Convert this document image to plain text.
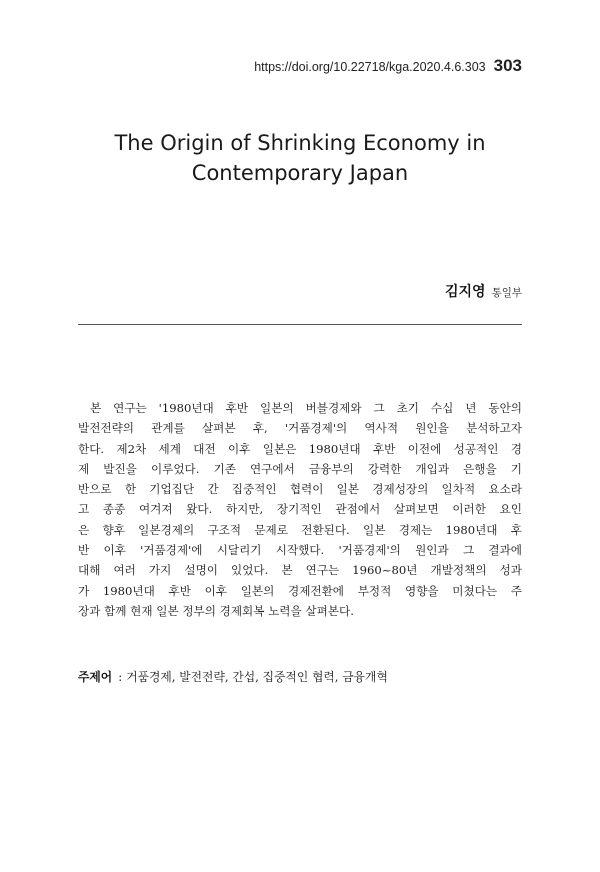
https://doi.org/10.22718/kga.2020.4.6.303 303
The Origin of Shrinking Economy in
Contemporary Japan
김지영 통일부
본 연구는 '1980년대 후반 일본의 버블경제와 그 초기 수십 년 동안의
발전전략의 관계를 살펴본 후, '거품경제'의 역사적 원인을 분석하고자
한다. 제2차 세계 대전 이후 일본은 1980년대 후반 이전에 성공적인 경
제 발진을 이루었다. 기존 연구에서 금융부의 강력한 개입과 은행을 기
반으로 한 기업집단 간 집중적인 협력이 일본 경제성장의 일차적 요소라
고 종종 여겨져 왔다. 하지만, 장기적인 관점에서 살펴보면 이러한 요인
은 향후 일본경제의 구조적 문제로 전환된다. 일본 경제는 1980년대 후
반 이후 '거품경제'에 시달리기 시작했다. '거품경제'의 원인과 그 결과에
대해 여러 가지 설명이 있었다. 본 연구는 1960~80년 개발정책의 성과
가 1980년대 후반 이후 일본의 경제전환에 부정적 영향을 미쳤다는 주
장과 함께 현재 일본 정부의 경제회복 노력을 살펴본다.
주제어 : 거품경제, 발전전략, 간섭, 집중적인 협력, 금융개혁
